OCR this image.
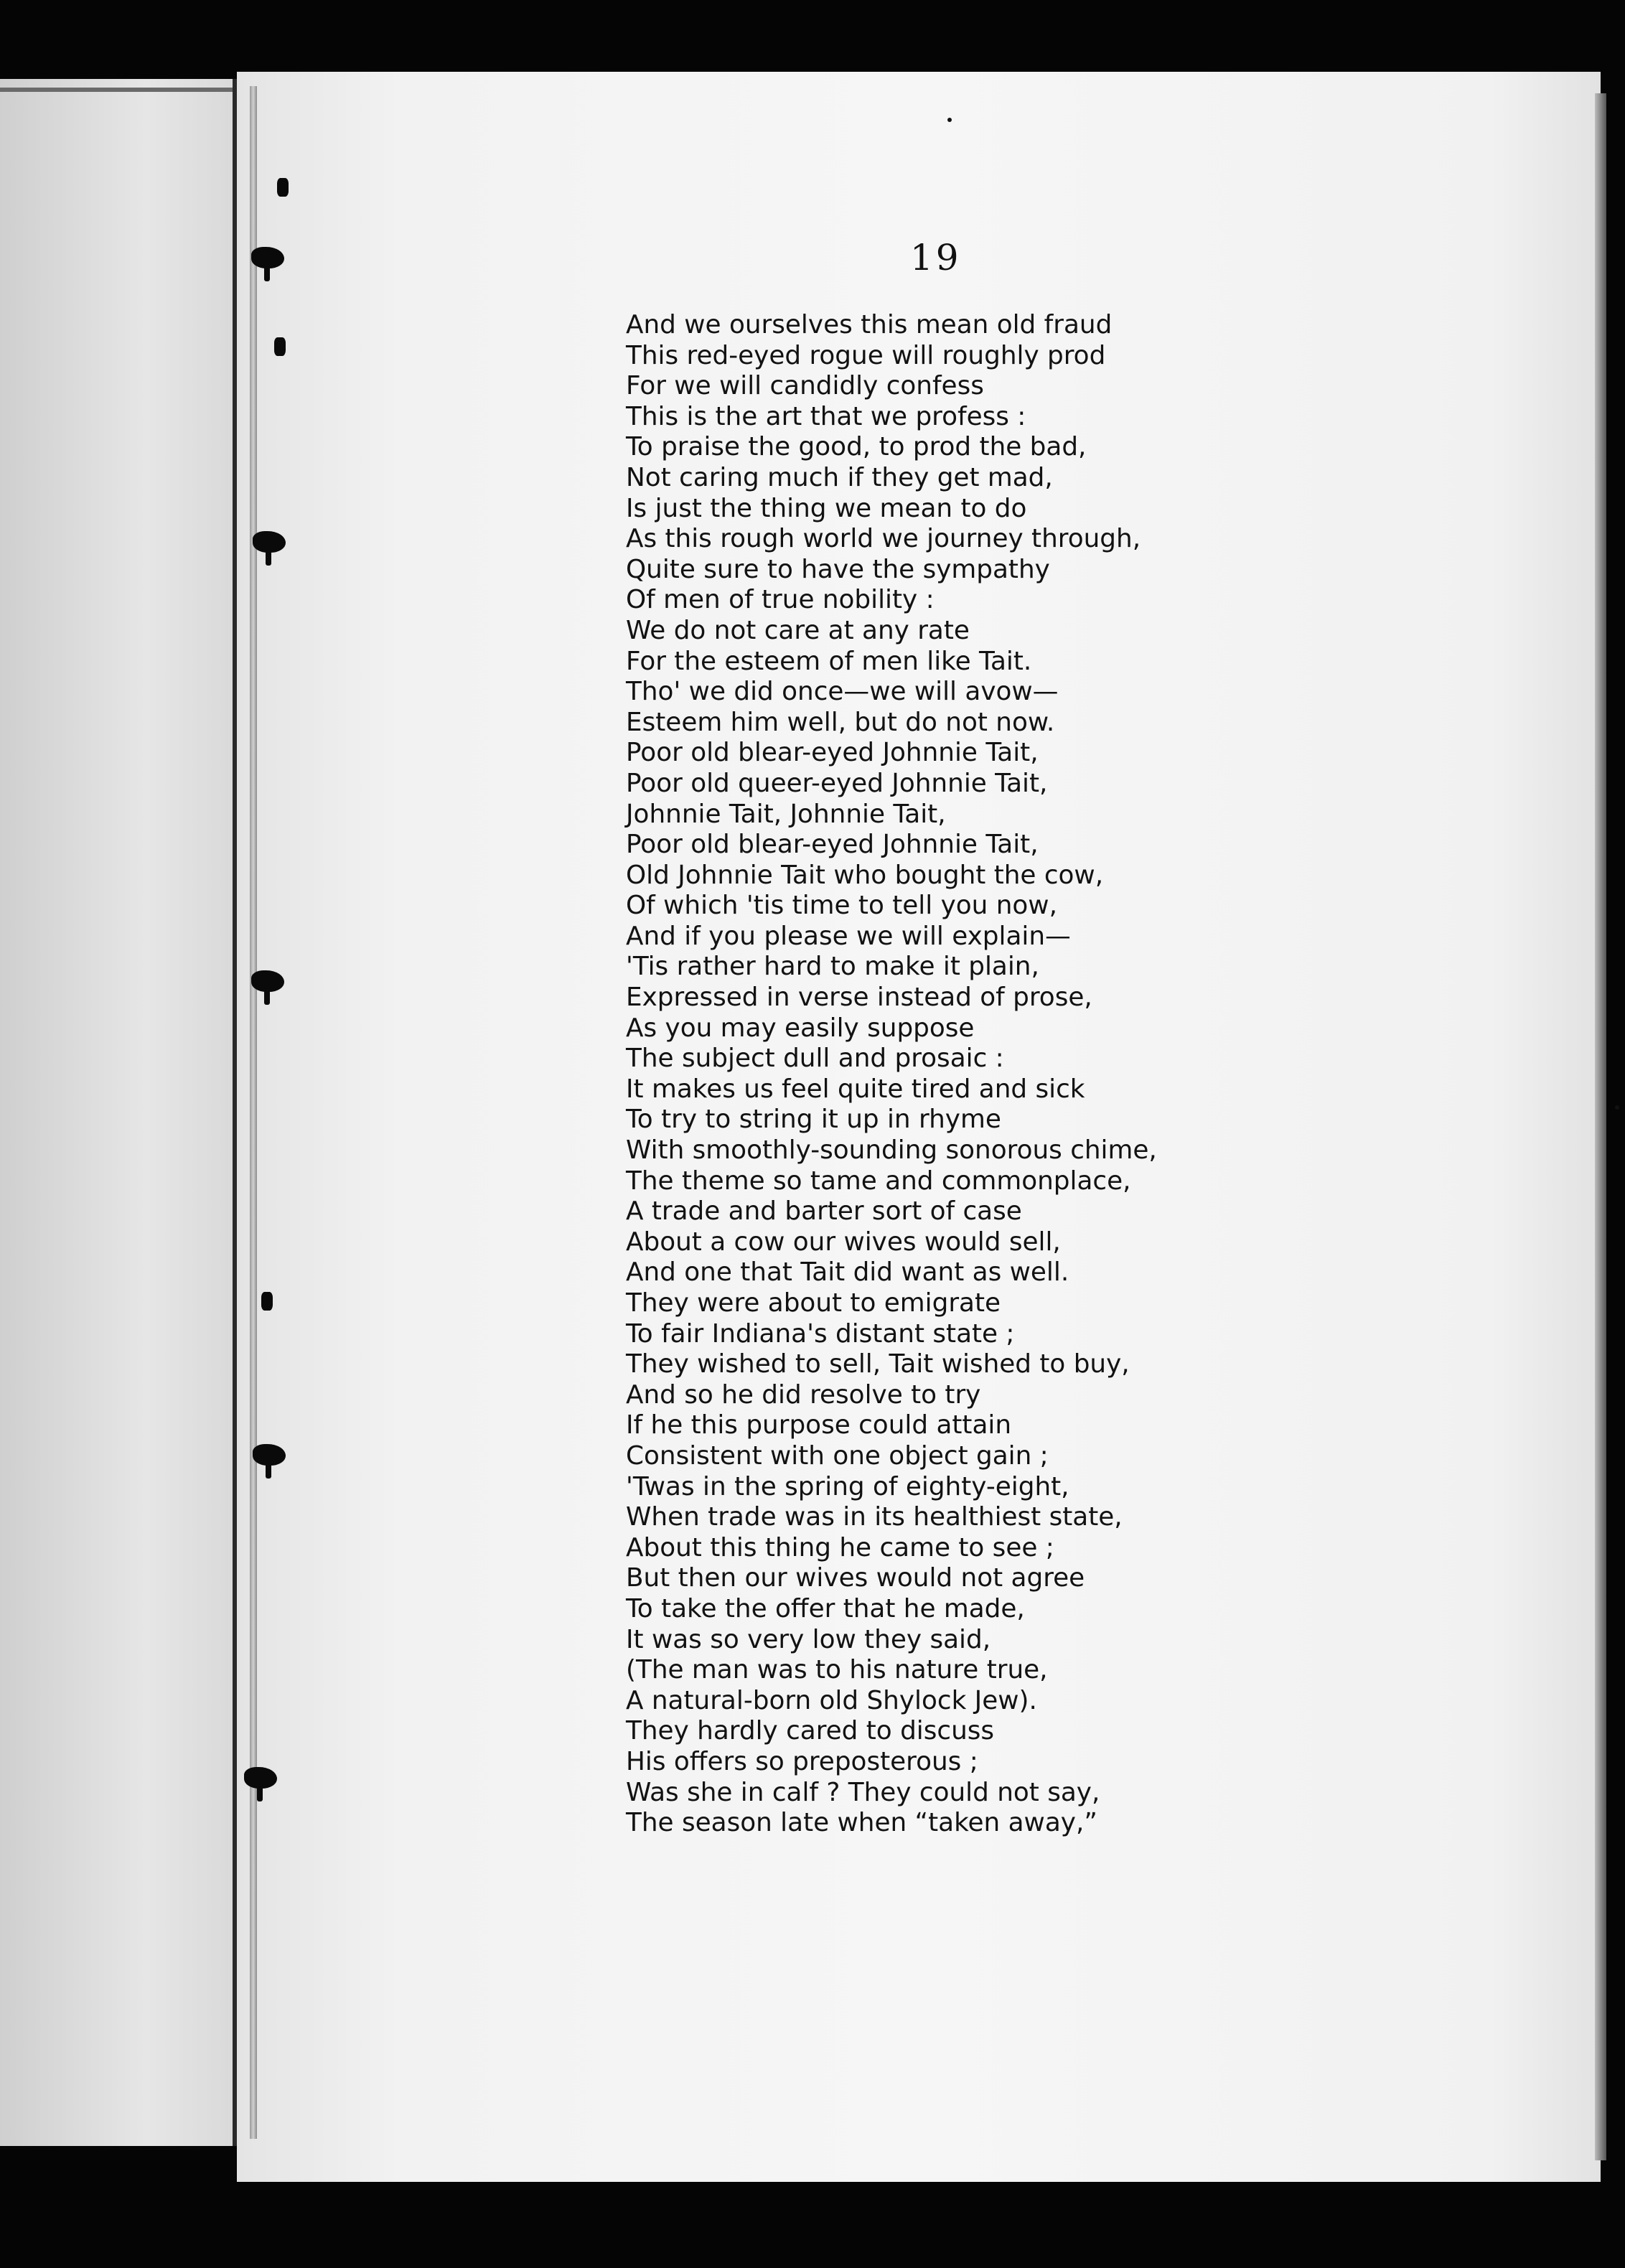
19
And we ourselves this mean old fraud
This red-eyed rogue will roughly prod
For we will candidly confess
This is the art that we profess :
To praise the good, to prod the bad,
Not caring much if they get mad,
Is just the thing we mean to do
As this rough world we journey through,
Quite sure to have the sympathy
Of men of true nobility :
We do not care at any rate
For the esteem of men like Tait.
Tho' we did once—we will avow—
Esteem him well, but do not now.
Poor old blear-eyed Johnnie Tait,
Poor old queer-eyed Johnnie Tait,
Johnnie Tait, Johnnie Tait,
Poor old blear-eyed Johnnie Tait,
Old Johnnie Tait who bought the cow,
Of which 'tis time to tell you now,
And if you please we will explain—
'Tis rather hard to make it plain,
Expressed in verse instead of prose,
As you may easily suppose
The subject dull and prosaic :
It makes us feel quite tired and sick
To try to string it up in rhyme
With smoothly-sounding sonorous chime,
The theme so tame and commonplace,
A trade and barter sort of case
About a cow our wives would sell,
And one that Tait did want as well.
They were about to emigrate
To fair Indiana's distant state ;
They wished to sell, Tait wished to buy,
And so he did resolve to try
If he this purpose could attain
Consistent with one object gain ;
'Twas in the spring of eighty-eight,
When trade was in its healthiest state,
About this thing he came to see ;
But then our wives would not agree
To take the offer that he made,
It was so very low they said,
(The man was to his nature true,
A natural-born old Shylock Jew).
They hardly cared to discuss
His offers so preposterous ;
Was she in calf ? They could not say,
The season late when “taken away,”
